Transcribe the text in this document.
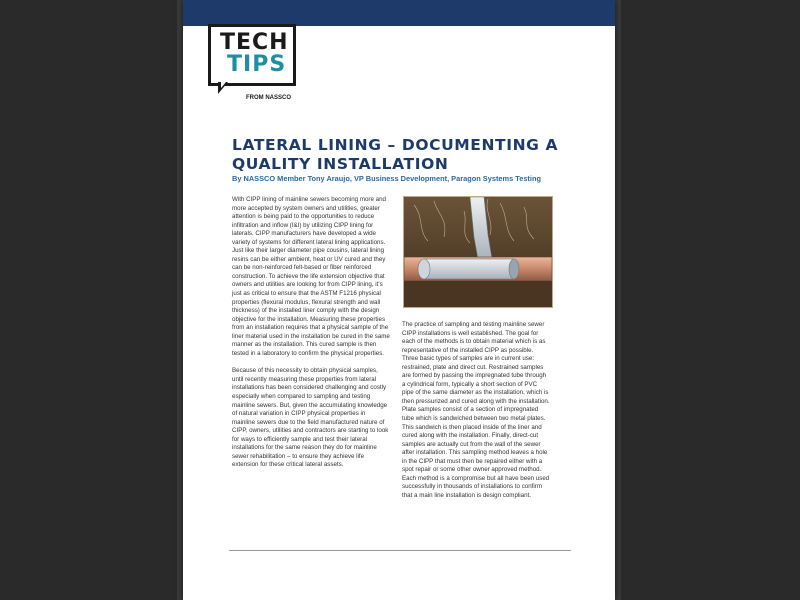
TECH
TIPS
FROM NASSCO
LATERAL LINING – DOCUMENTING A QUALITY INSTALLATION
By NASSCO Member Tony Araujo, VP Business Development, Paragon Systems Testing

With CIPP lining of mainline sewers becoming more and more accepted by system owners and utilities, greater attention is being paid to the opportunities to reduce infiltration and inflow (I&I) by utilizing CIPP lining for laterals. CIPP manufacturers have developed a wide variety of systems for different lateral lining applications. Just like their larger diameter pipe cousins, lateral lining resins can be either ambient, heat or UV cured and they can be non-reinforced felt-based or fiber reinforced construction. To achieve the life extension objective that owners and utilities are looking for from CIPP lining, it's just as critical to ensure that the ASTM F1216 physical properties (flexural modulus, flexural strength and wall thickness) of the installed liner comply with the design objective for the installation. Measuring these properties from an installation requires that a physical sample of the liner material used in the installation be cured in the same manner as the installation. This cured sample is then tested in a laboratory to confirm the physical properties.

Because of this necessity to obtain physical samples, until recently measuring these properties from lateral installations has been considered challenging and costly especially when compared to sampling and testing mainline sewers. But, given the accumulating knowledge of natural variation in CIPP physical properties in mainline sewers due to the field manufactured nature of CIPP, owners, utilities and contractors are starting to look for ways to efficiently sample and test their lateral installations for the same reason they do for mainline sewer rehabilitation – to ensure they achieve life extension for these critical lateral assets.

The practice of sampling and testing mainline sewer CIPP installations is well established. The goal for each of the methods is to obtain material which is as representative of the installed CIPP as possible. Three basic types of samples are in current use: restrained, plate and direct cut. Restrained samples are formed by passing the impregnated tube through a cylindrical form, typically a short section of PVC pipe of the same diameter as the installation, which is then pressurized and cured along with the installation. Plate samples consist of a section of impregnated tube which is sandwiched between two metal plates. This sandwich is then placed inside of the liner and cured along with the installation. Finally, direct-cut samples are actually cut from the wall of the sewer after installation. This sampling method leaves a hole in the CIPP that must then be repaired either with a spot repair or some other owner approved method. Each method is a compromise but all have been used successfully in thousands of installations to confirm that a main line installation is design compliant.
